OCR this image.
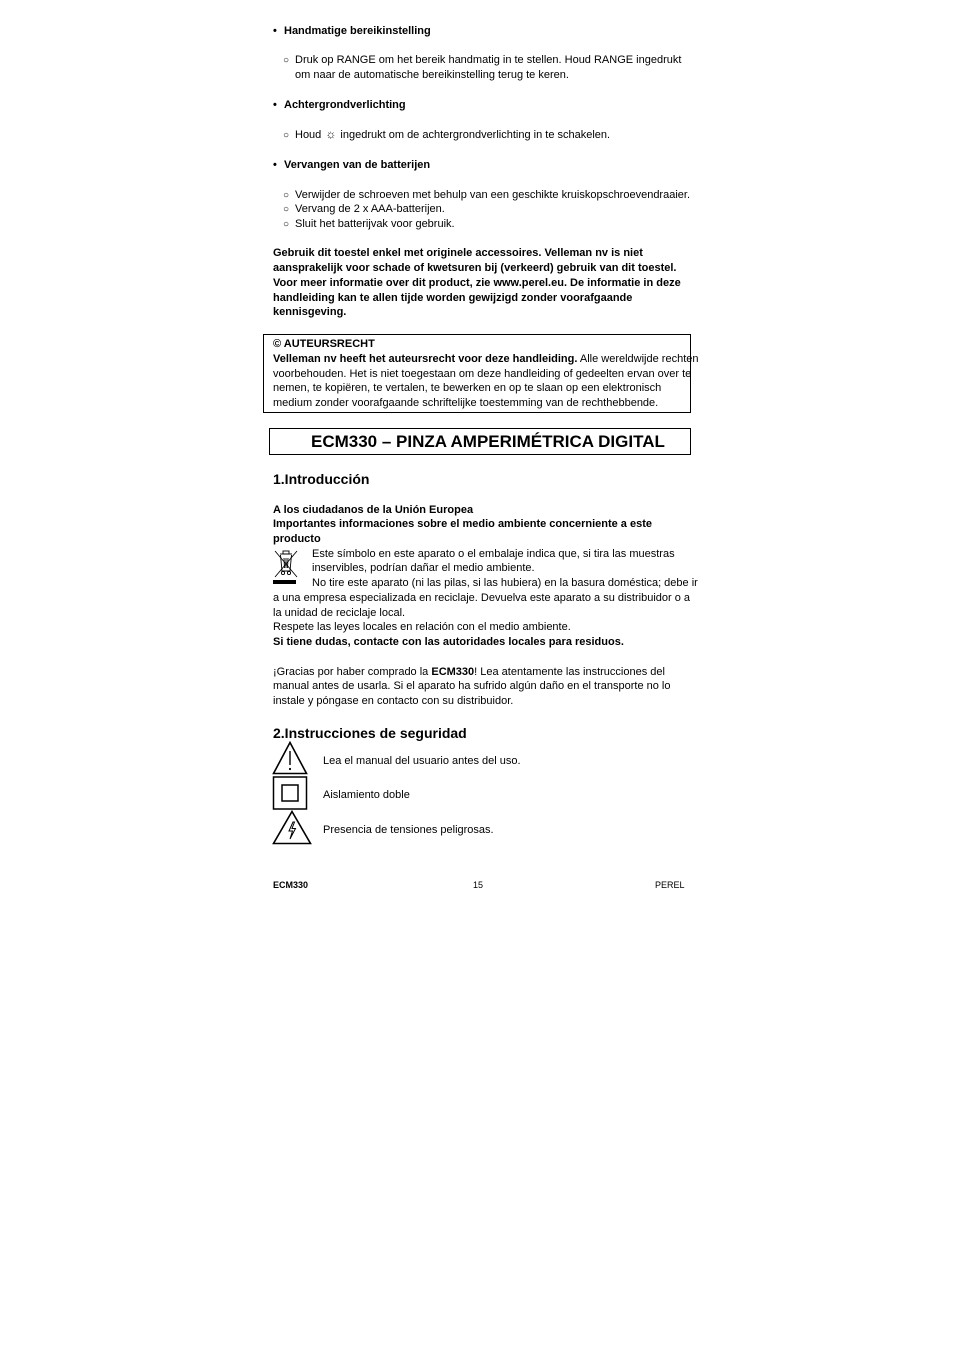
• Handmatige bereikinstelling
○ Druk op RANGE om het bereik handmatig in te stellen. Houd RANGE ingedrukt
om naar de automatische bereikinstelling terug te keren.
• Achtergrondverlichting
○ Houd ☼ ingedrukt om de achtergrondverlichting in te schakelen.
• Vervangen van de batterijen
○ Verwijder de schroeven met behulp van een geschikte kruiskopschroevendraaier.
○ Vervang de 2 x AAA-batterijen.
○ Sluit het batterijvak voor gebruik.
Gebruik dit toestel enkel met originele accessoires. Velleman nv is niet
aansprakelijk voor schade of kwetsuren bij (verkeerd) gebruik van dit toestel.
Voor meer informatie over dit product, zie www.perel.eu. De informatie in deze
handleiding kan te allen tijde worden gewijzigd zonder voorafgaande
kennisgeving.
© AUTEURSRECHT
Velleman nv heeft het auteursrecht voor deze handleiding. Alle wereldwijde rechten
voorbehouden. Het is niet toegestaan om deze handleiding of gedeelten ervan over te
nemen, te kopiëren, te vertalen, te bewerken en op te slaan op een elektronisch
medium zonder voorafgaande schriftelijke toestemming van de rechthebbende.
ECM330 – PINZA AMPERIMÉTRICA DIGITAL
1.Introducción
A los ciudadanos de la Unión Europea
Importantes informaciones sobre el medio ambiente concerniente a este
producto
Este símbolo en este aparato o el embalaje indica que, si tira las muestras
inservibles, podrían dañar el medio ambiente.
No tire este aparato (ni las pilas, si las hubiera) en la basura doméstica; debe ir
a una empresa especializada en reciclaje. Devuelva este aparato a su distribuidor o a
la unidad de reciclaje local.
Respete las leyes locales en relación con el medio ambiente.
Si tiene dudas, contacte con las autoridades locales para residuos.
¡Gracias por haber comprado la ECM330! Lea atentamente las instrucciones del
manual antes de usarla. Si el aparato ha sufrido algún daño en el transporte no lo
instale y póngase en contacto con su distribuidor.
2.Instrucciones de seguridad
Lea el manual del usuario antes del uso.
Aislamiento doble
Presencia de tensiones peligrosas.
ECM330	15	PEREL
